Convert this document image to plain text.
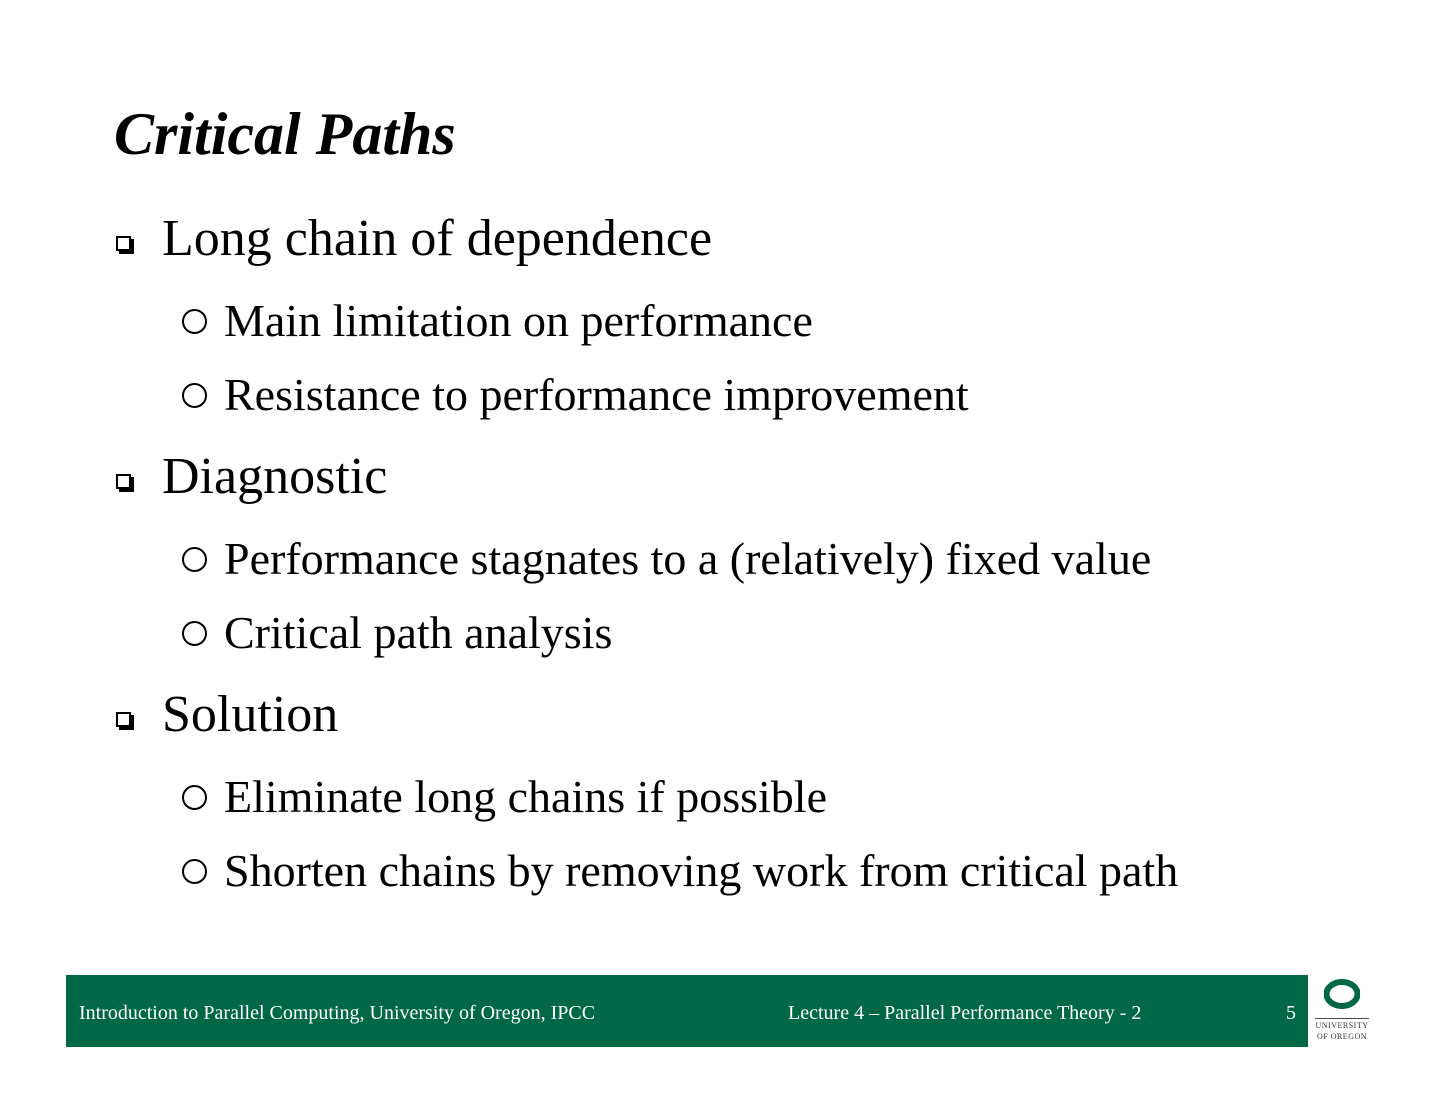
Critical Paths
Long chain of dependence
Main limitation on performance
Resistance to performance improvement
Diagnostic
Performance stagnates to a (relatively) fixed value
Critical path analysis
Solution
Eliminate long chains if possible
Shorten chains by removing work from critical path
Introduction to Parallel Computing, University of Oregon, IPCC	Lecture 4 – Parallel Performance Theory - 2	5
UNIVERSITY
OF OREGON
